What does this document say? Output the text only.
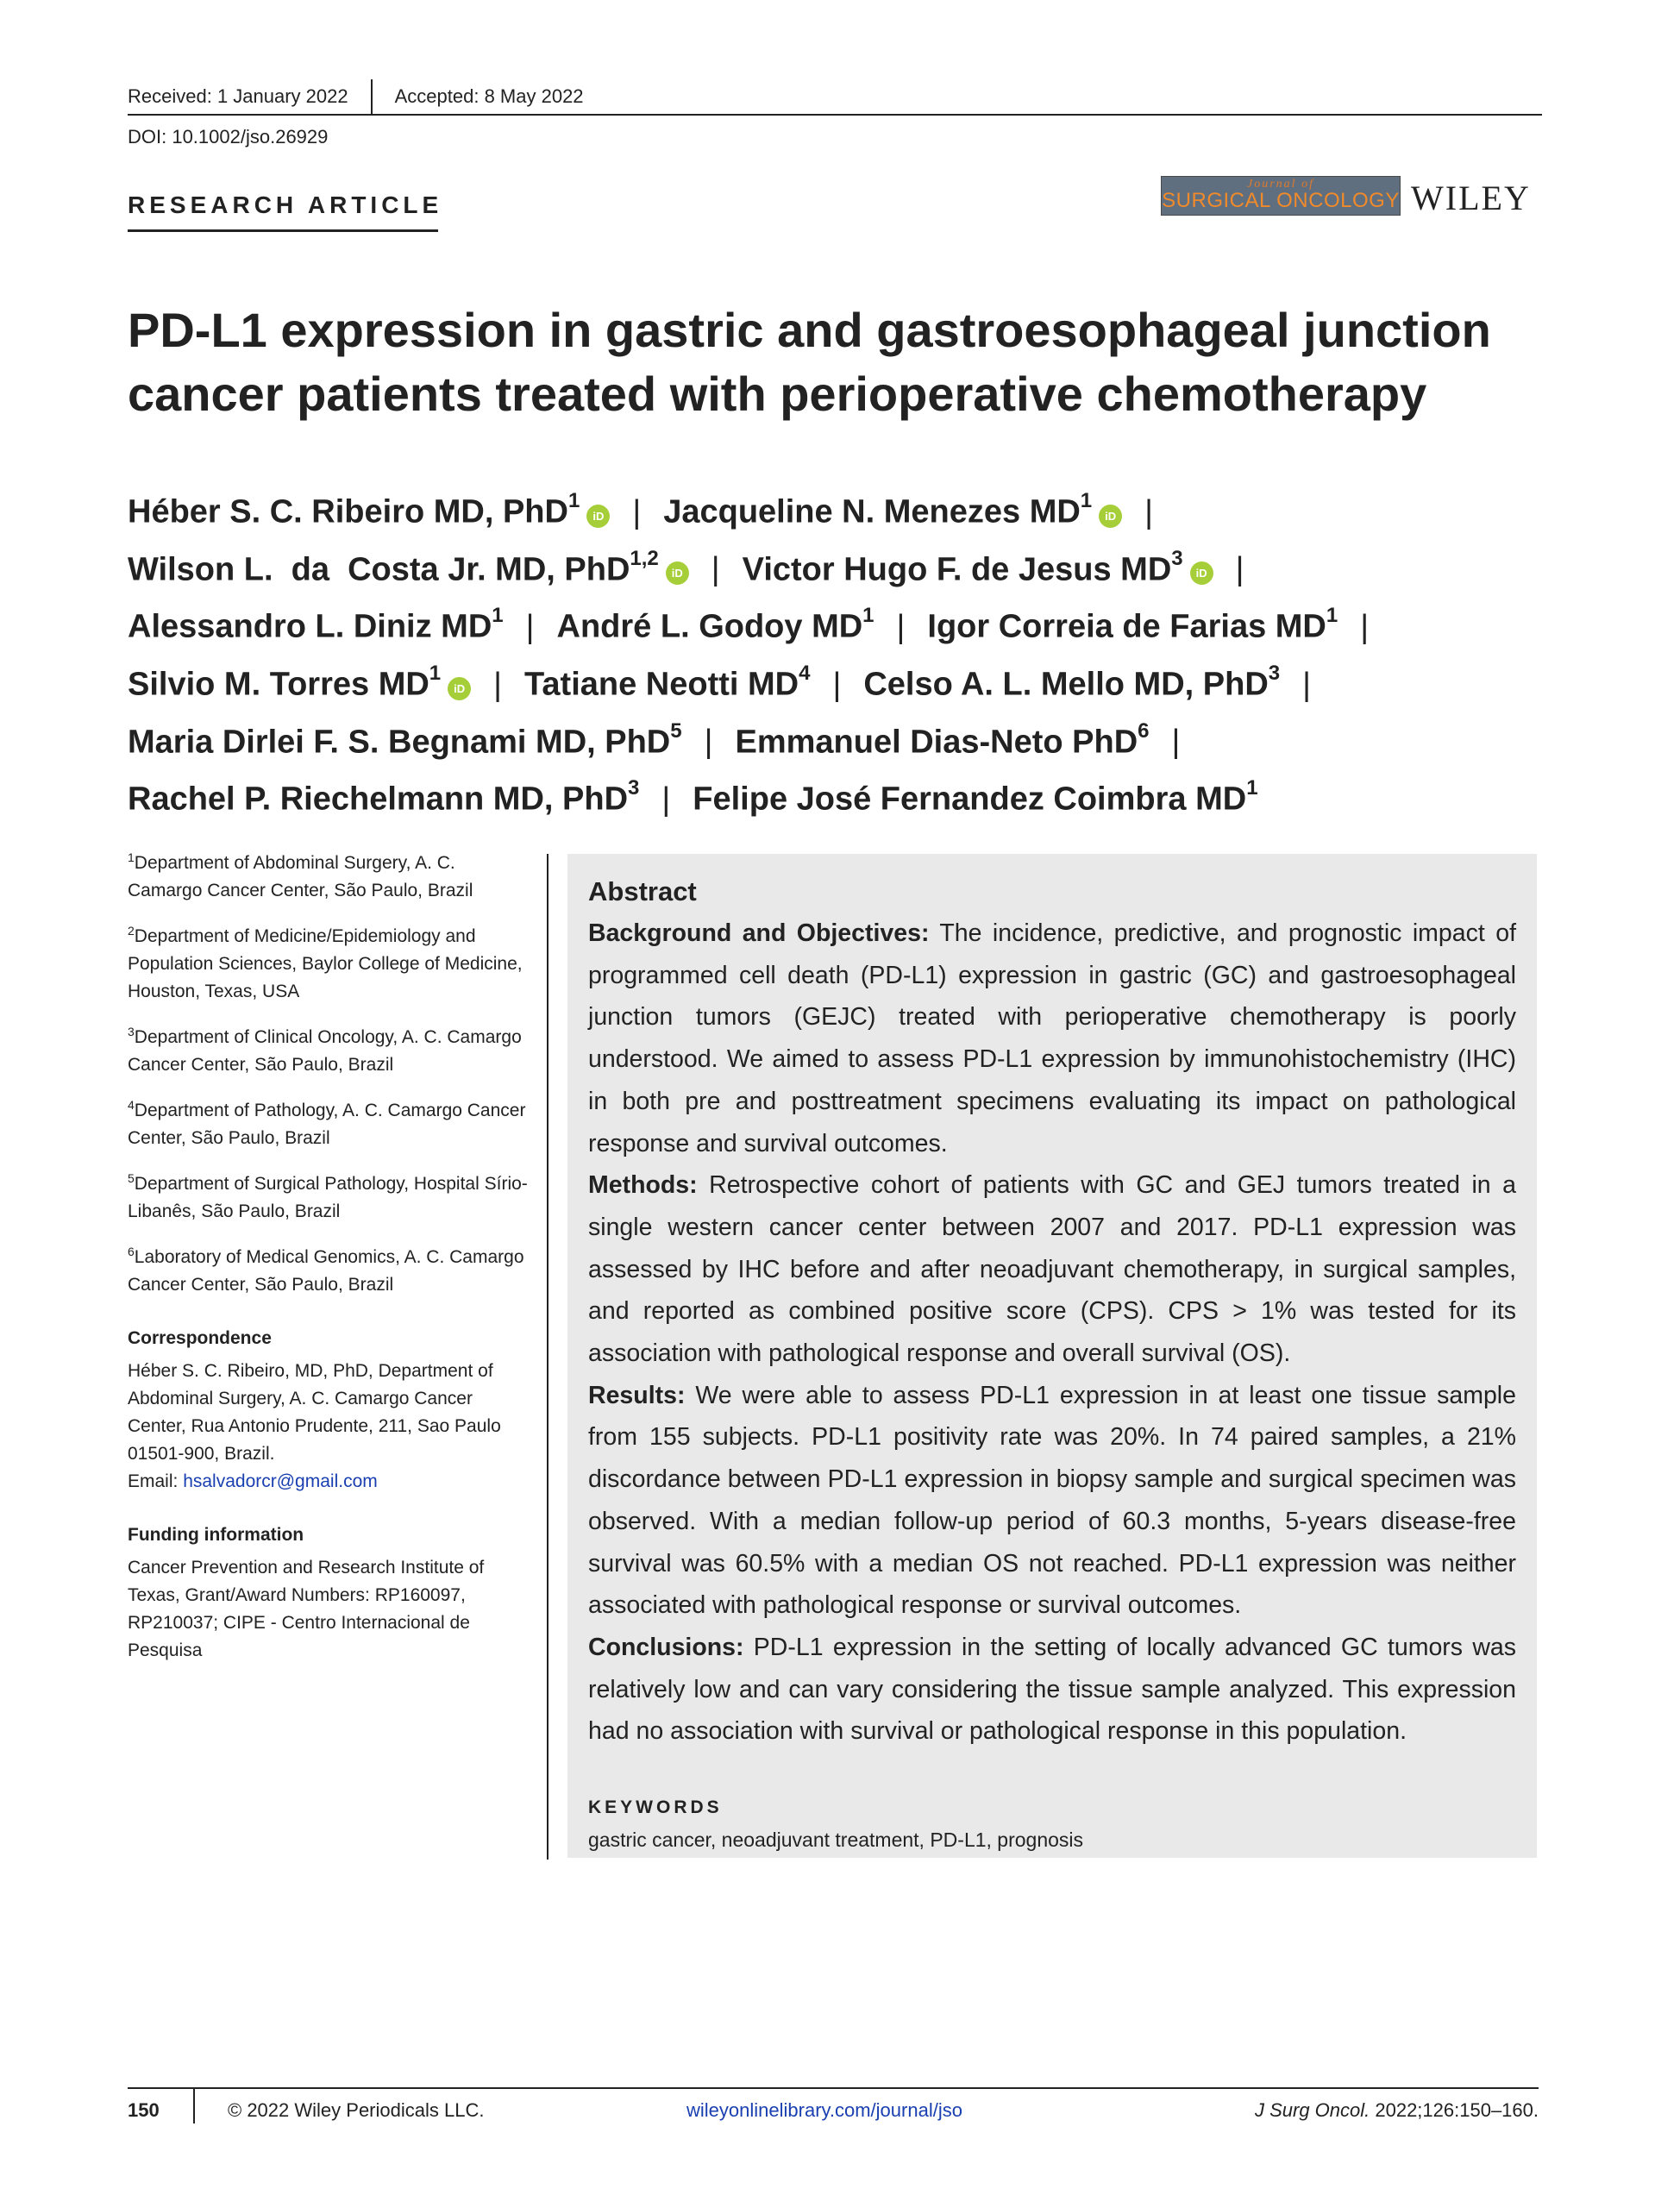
Received: 1 January 2022	Accepted: 8 May 2022
DOI: 10.1002/jso.26929
RESEARCH ARTICLE
Journal of
SURGICAL ONCOLOGY WILEY
PD-L1 expression in gastric and gastroesophageal junction cancer patients treated with perioperative chemotherapy
Héber S. C. Ribeiro MD, PhD$^1$iD | Jacqueline N. Menezes $MD^1iD$ |
Wilson L.  da  Costa Jr. MD, PhD$^{1,2}$iD | Victor Hugo F. de Jesus $MD^3iD$ |
Alessandro L. Diniz $MD^1$ | André L. Godoy $MD^1$ | Igor Correia de Farias $MD^1$ |
Silvio M. Torres $MD^1iD$ | Tatiane Neotti $MD^4$ | Celso A. L. Mello MD, PhD$^3$ |
Maria Dirlei F. S. Begnami MD, PhD$^5$ | Emmanuel Dias-Neto PhD$^6$ |
Rachel P. Riechelmann MD, PhD$^3$ | Felipe José Fernandez Coimbra $MD^1$
$^1$Department of Abdominal Surgery, A. C. Camargo Cancer Center, São Paulo, Brazil
$^2$Department of Medicine/Epidemiology and Population Sciences, Baylor College of Medicine, Houston, Texas, USA
$^3$Department of Clinical Oncology, A. C. Camargo Cancer Center, São Paulo, Brazil
$^4$Department of Pathology, A. C. Camargo Cancer Center, São Paulo, Brazil
$^5$Department of Surgical Pathology, Hospital Sírio-Libanês, São Paulo, Brazil
$^6$Laboratory of Medical Genomics, A. C. Camargo Cancer Center, São Paulo, Brazil
Correspondence
Héber S. C. Ribeiro, MD, PhD, Department of Abdominal Surgery, A. C. Camargo Cancer Center, Rua Antonio Prudente, 211, Sao Paulo 01501-900, Brazil.
Email: hsalvadorcr@gmail.com
Funding information
Cancer Prevention and Research Institute of Texas, Grant/Award Numbers: RP160097, RP210037; CIPE - Centro Internacional de Pesquisa
Abstract
Background and Objectives: The incidence, predictive, and prognostic impact of programmed cell death (PD-L1) expression in gastric (GC) and gastroesophageal junction tumors (GEJC) treated with perioperative chemotherapy is poorly understood. We aimed to assess PD-L1 expression by immunohistochemistry (IHC) in both pre and posttreatment specimens evaluating its impact on pathological response and survival outcomes.
Methods: Retrospective cohort of patients with GC and GEJ tumors treated in a single western cancer center between 2007 and 2017. PD-L1 expression was assessed by IHC before and after neoadjuvant chemotherapy, in surgical samples, and reported as combined positive score (CPS). CPS > 1% was tested for its association with pathological response and overall survival (OS).
Results: We were able to assess PD-L1 expression in at least one tissue sample from 155 subjects. PD-L1 positivity rate was 20%. In 74 paired samples, a 21% discordance between PD-L1 expression in biopsy sample and surgical specimen was observed. With a median follow-up period of 60.3 months, 5-years disease-free survival was 60.5% with a median OS not reached. PD-L1 expression was neither associated with pathological response or survival outcomes.
Conclusions: PD-L1 expression in the setting of locally advanced GC tumors was relatively low and can vary considering the tissue sample analyzed. This expression had no association with survival or pathological response in this population.
KEYWORDS
gastric cancer, neoadjuvant treatment, PD-L1, prognosis
150	© 2022 Wiley Periodicals LLC.	wileyonlinelibrary.com/journal/jso	J Surg Oncol. 2022;126:150–160.
